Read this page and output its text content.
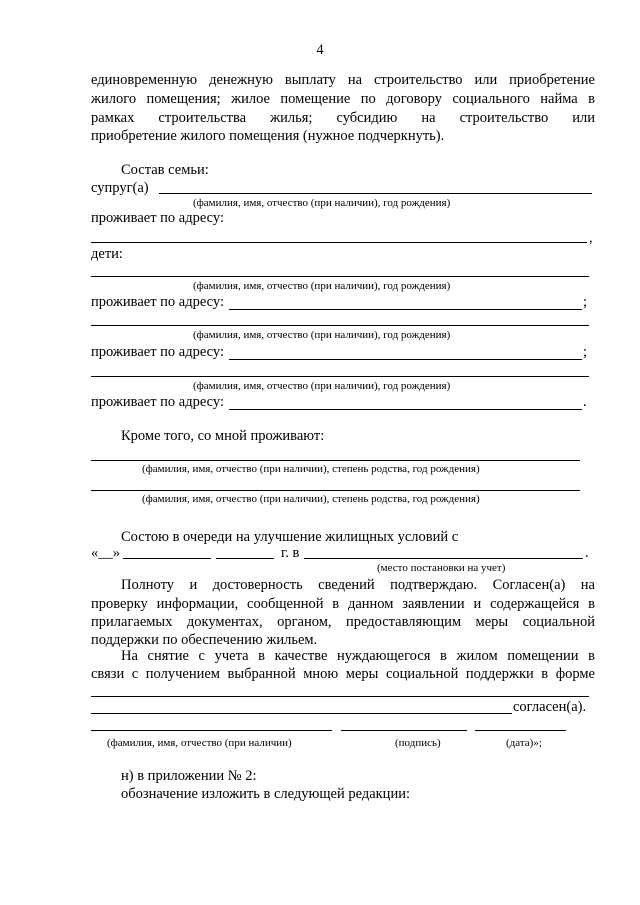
4
единовременную денежную выплату на строительство или приобретение
жилого помещения; жилое помещение по договору социального найма в
рамках строительства жилья; субсидию на строительство или
приобретение жилого помещения (нужное подчеркнуть).
Состав семьи:
супруг(а)
(фамилия, имя, отчество (при наличии), год рождения)
проживает по адресу:
,
дети:
(фамилия, имя, отчество (при наличии), год рождения)
проживает по адресу:	;
(фамилия, имя, отчество (при наличии), год рождения)
проживает по адресу:	;
(фамилия, имя, отчество (при наличии), год рождения)
проживает по адресу:	.
Кроме того, со мной проживают:
(фамилия, имя, отчество (при наличии), степень родства, год рождения)
(фамилия, имя, отчество (при наличии), степень родства, год рождения)
Состою в очереди на улучшение жилищных условий с
«__»	г. в	.
(место постановки на учет)
Полноту и достоверность сведений подтверждаю. Согласен(а) на
проверку информации, сообщенной в данном заявлении и содержащейся в
прилагаемых документах, органом, предоставляющим меры социальной
поддержки по обеспечению жильем.
На снятие с учета в качестве нуждающегося в жилом помещении в
связи с получением выбранной мною меры социальной поддержки в форме
согласен(а).
(фамилия, имя, отчество (при наличии)	(подпись)	(дата)»;
н) в приложении № 2:
обозначение изложить в следующей редакции:
